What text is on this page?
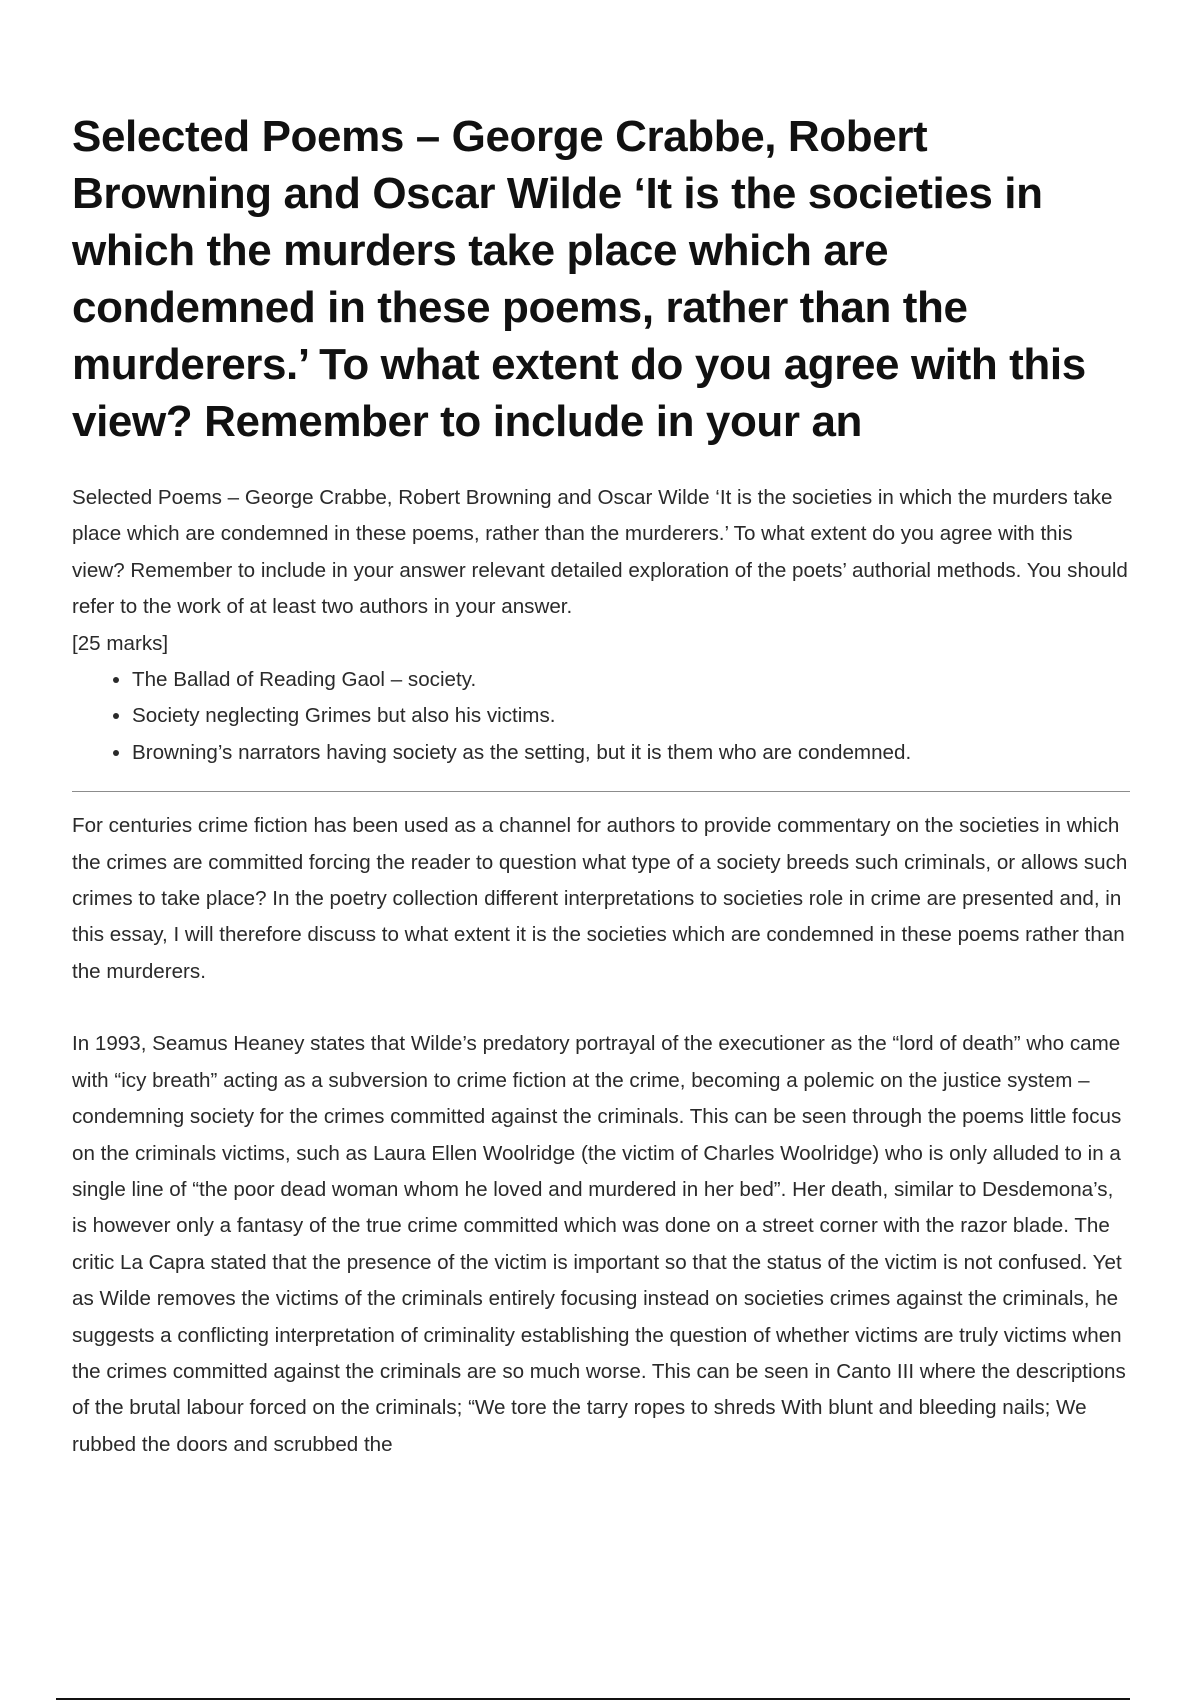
Selected Poems – George Crabbe, Robert Browning and Oscar Wilde ‘It is the societies in which the murders take place which are condemned in these poems, rather than the murderers.’ To what extent do you agree with this view? Remember to include in your an

Selected Poems – George Crabbe, Robert Browning and Oscar Wilde ‘It is the societies in which the murders take place which are condemned in these poems, rather than the murderers.’ To what extent do you agree with this view? Remember to include in your answer relevant detailed exploration of the poets’ authorial methods. You should refer to the work of at least two authors in your answer.

[25 marks]

• The Ballad of Reading Gaol – society.
• Society neglecting Grimes but also his victims.
• Browning’s narrators having society as the setting, but it is them who are condemned.

For centuries crime fiction has been used as a channel for authors to provide commentary on the societies in which the crimes are committed forcing the reader to question what type of a society breeds such criminals, or allows such crimes to take place? In the poetry collection different interpretations to societies role in crime are presented and, in this essay, I will therefore discuss to what extent it is the societies which are condemned in these poems rather than the murderers.

In 1993, Seamus Heaney states that Wilde’s predatory portrayal of the executioner as the “lord of death” who came with “icy breath” acting as a subversion to crime fiction at the crime, becoming a polemic on the justice system – condemning society for the crimes committed against the criminals. This can be seen through the poems little focus on the criminals victims, such as Laura Ellen Woolridge (the victim of Charles Woolridge) who is only alluded to in a single line of “the poor dead woman whom he loved and murdered in her bed”. Her death, similar to Desdemona’s, is however only a fantasy of the true crime committed which was done on a street corner with the razor blade. The critic La Capra stated that the presence of the victim is important so that the status of the victim is not confused. Yet as Wilde removes the victims of the criminals entirely focusing instead on societies crimes against the criminals, he suggests a conflicting interpretation of criminality establishing the question of whether victims are truly victims when the crimes committed against the criminals are so much worse. This can be seen in Canto III where the descriptions of the brutal labour forced on the criminals; “We tore the tarry ropes to shreds With blunt and bleeding nails; We rubbed the doors and scrubbed the
